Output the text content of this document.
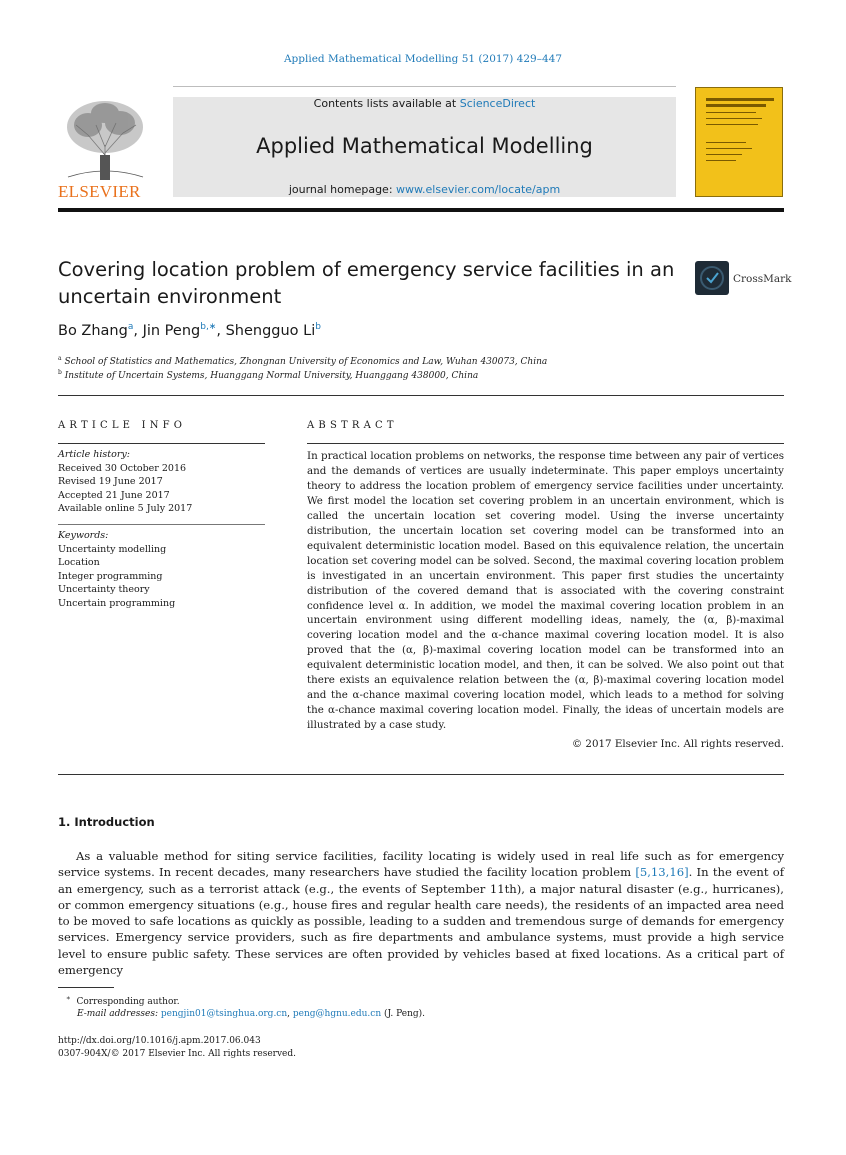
Applied Mathematical Modelling 51 (2017) 429–447
ELSEVIER
Contents lists available at ScienceDirect
Applied Mathematical Modelling
journal homepage: www.elsevier.com/locate/apm
Covering location problem of emergency service facilities in an uncertain environment
CrossMark
Bo Zhang$^a$, Jin Peng$^{b,∗}$, Shengguo Li$^b$
$^a$ School of Statistics and Mathematics, Zhongnan University of Economics and Law, Wuhan 430073, China
$^b$ Institute of Uncertain Systems, Huanggang Normal University, Huanggang 438000, China
ARTICLE INFO
Article history:
Received 30 October 2016
Revised 19 June 2017
Accepted 21 June 2017
Available online 5 July 2017
Keywords:
Uncertainty modelling
Location
Integer programming
Uncertainty theory
Uncertain programming
ABSTRACT
In practical location problems on networks, the response time between any pair of vertices and the demands of vertices are usually indeterminate. This paper employs uncertainty theory to address the location problem of emergency service facilities under uncertainty. We first model the location set covering problem in an uncertain environment, which is called the uncertain location set covering model. Using the inverse uncertainty distribution, the uncertain location set covering model can be transformed into an equivalent deterministic location model. Based on this equivalence relation, the uncertain location set covering model can be solved. Second, the maximal covering location problem is investigated in an uncertain environment. This paper first studies the uncertainty distribution of the covered demand that is associated with the covering constraint confidence level α. In addition, we model the maximal covering location problem in an uncertain environment using different modelling ideas, namely, the (α, β)-maximal covering location model and the α-chance maximal covering location model. It is also proved that the (α, β)-maximal covering location model can be transformed into an equivalent deterministic location model, and then, it can be solved. We also point out that there exists an equivalence relation between the (α, β)-maximal covering location model and the α-chance maximal covering location model, which leads to a method for solving the α-chance maximal covering location model. Finally, the ideas of uncertain models are illustrated by a case study.
© 2017 Elsevier Inc. All rights reserved.
1. Introduction
As a valuable method for siting service facilities, facility locating is widely used in real life such as for emergency service systems. In recent decades, many researchers have studied the facility location problem [5,13,16]. In the event of an emergency, such as a terrorist attack (e.g., the events of September 11th), a major natural disaster (e.g., hurricanes), or common emergency situations (e.g., house fires and regular health care needs), the residents of an impacted area need to be moved to safe locations as quickly as possible, leading to a sudden and tremendous surge of demands for emergency services. Emergency service providers, such as fire departments and ambulance systems, must provide a high service level to ensure public safety. These services are often provided by vehicles based at fixed locations. As a critical part of emergency
∗ Corresponding author.
E-mail addresses: pengjin01@tsinghua.org.cn, peng@hgnu.edu.cn (J. Peng).
http://dx.doi.org/10.1016/j.apm.2017.06.043
0307-904X/© 2017 Elsevier Inc. All rights reserved.
